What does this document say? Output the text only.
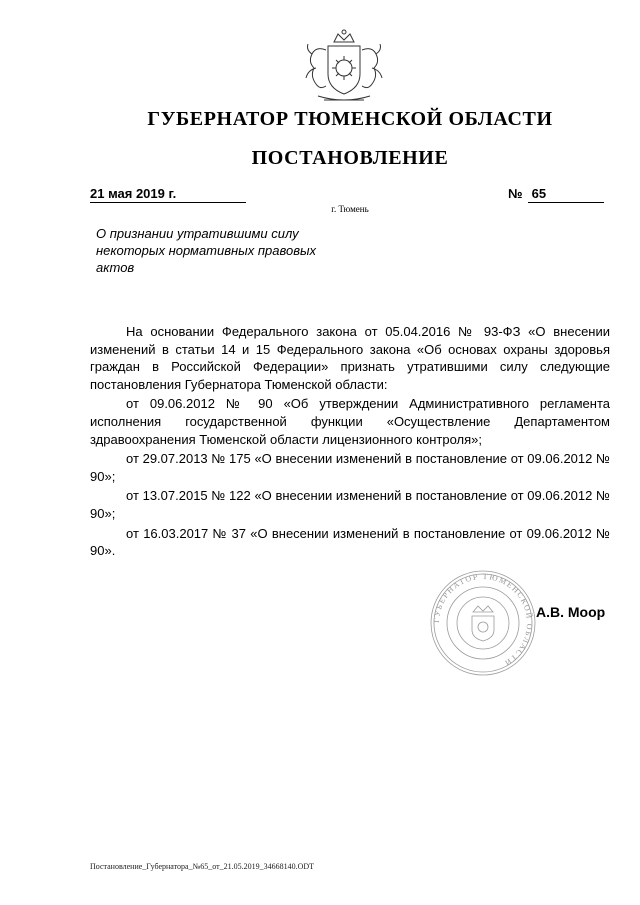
ГУБЕРНАТОР ТЮМЕНСКОЙ ОБЛАСТИ
ПОСТАНОВЛЕНИЕ
21 мая 2019 г.	№ 65
г. Тюмень
О признании утратившими силу некоторых нормативных правовых актов

На основании Федерального закона от 05.04.2016 № 93-ФЗ «О внесении изменений в статьи 14 и 15 Федерального закона «Об основах охраны здоровья граждан в Российской Федерации» признать утратившими силу следующие постановления Губернатора Тюменской области:

от 09.06.2012 № 90 «Об утверждении Административного регламента исполнения государственной функции «Осуществление Департаментом здравоохранения Тюменской области лицензионного контроля»;

от 29.07.2013 № 175 «О внесении изменений в постановление от 09.06.2012 № 90»;

от 13.07.2015 № 122 «О внесении изменений в постановление от 09.06.2012 № 90»;

от 16.03.2017 № 37 «О внесении изменений в постановление от 09.06.2012 № 90».

ГУБЕРНАТОР ТЮМЕНСКОЙ ОБЛАСТИ
А.В. Моор
Постановление_Губернатора_№65_от_21.05.2019_34668140.ODT
